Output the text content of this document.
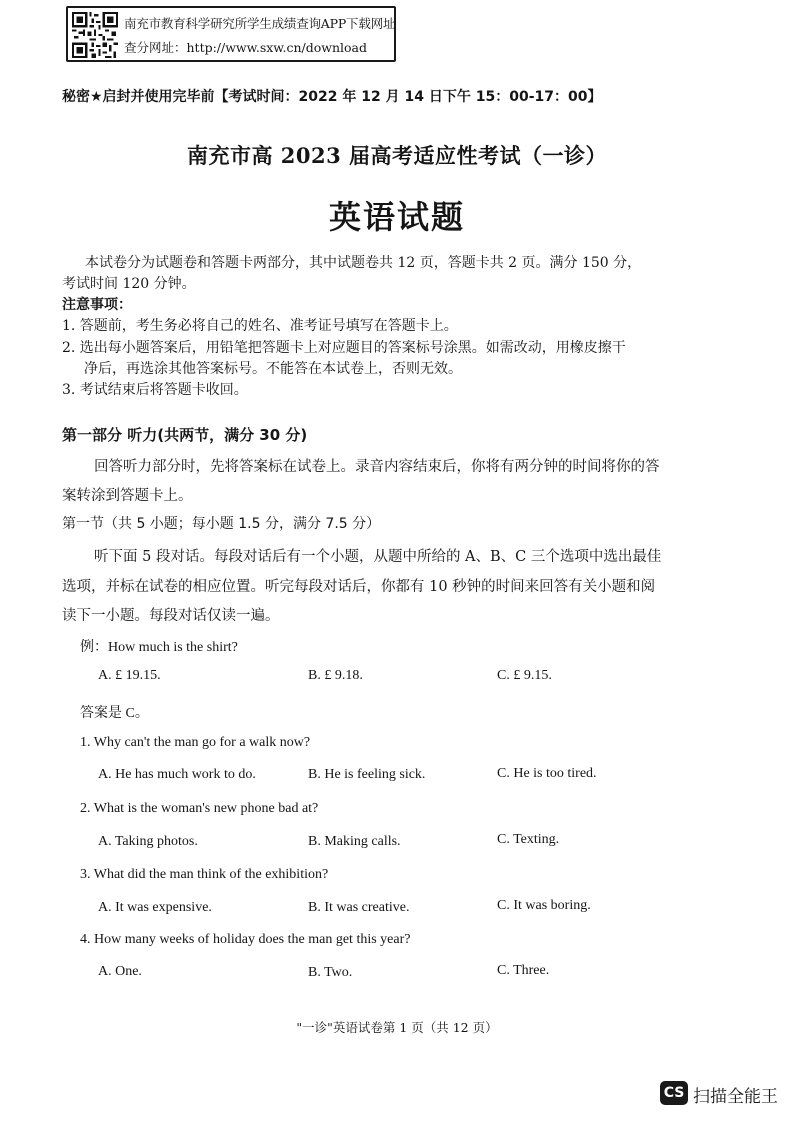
南充市教育科学研究所学生成绩查询APP下载网址
查分网址：http://www.sxw.cn/download
秘密★启封并使用完毕前【考试时间：2022 年 12 月 14 日下午 15：00-17：00】
南充市高 2023 届高考适应性考试（一诊）
英语试题
本试卷分为试题卷和答题卡两部分，其中试题卷共 12 页，答题卡共 2 页。满分 150 分，
考试时间 120 分钟。
注意事项：
1. 答题前，考生务必将自己的姓名、准考证号填写在答题卡上。
2. 选出每小题答案后，用铅笔把答题卡上对应题目的答案标号涂黑。如需改动，用橡皮擦干
净后，再选涂其他答案标号。不能答在本试卷上，否则无效。
3. 考试结束后将答题卡收回。
第一部分 听力(共两节，满分 30 分)
回答听力部分时，先将答案标在试卷上。录音内容结束后，你将有两分钟的时间将你的答
案转涂到答题卡上。
第一节（共 5 小题；每小题 1.5 分，满分 7.5 分）
听下面 5 段对话。每段对话后有一个小题，从题中所给的 A、B、C 三个选项中选出最佳
选项，并标在试卷的相应位置。听完每段对话后，你都有 10 秒钟的时间来回答有关小题和阅
读下一小题。每段对话仅读一遍。
例：How much is the shirt?
A. £ 19.15.	B. £ 9.18.	C. £ 9.15.
答案是 C。
1. Why can't the man go for a walk now?
A. He has much work to do.	B. He is feeling sick.	C. He is too tired.
2. What is the woman's new phone bad at?
A. Taking photos.	B. Making calls.	C. Texting.
3. What did the man think of the exhibition?
A. It was expensive.	B. It was creative.	C. It was boring.
4. How many weeks of holiday does the man get this year?
A. One.	B. Two.	C. Three.
"一诊"英语试卷第 1 页（共 12 页）
CS 扫描全能王
